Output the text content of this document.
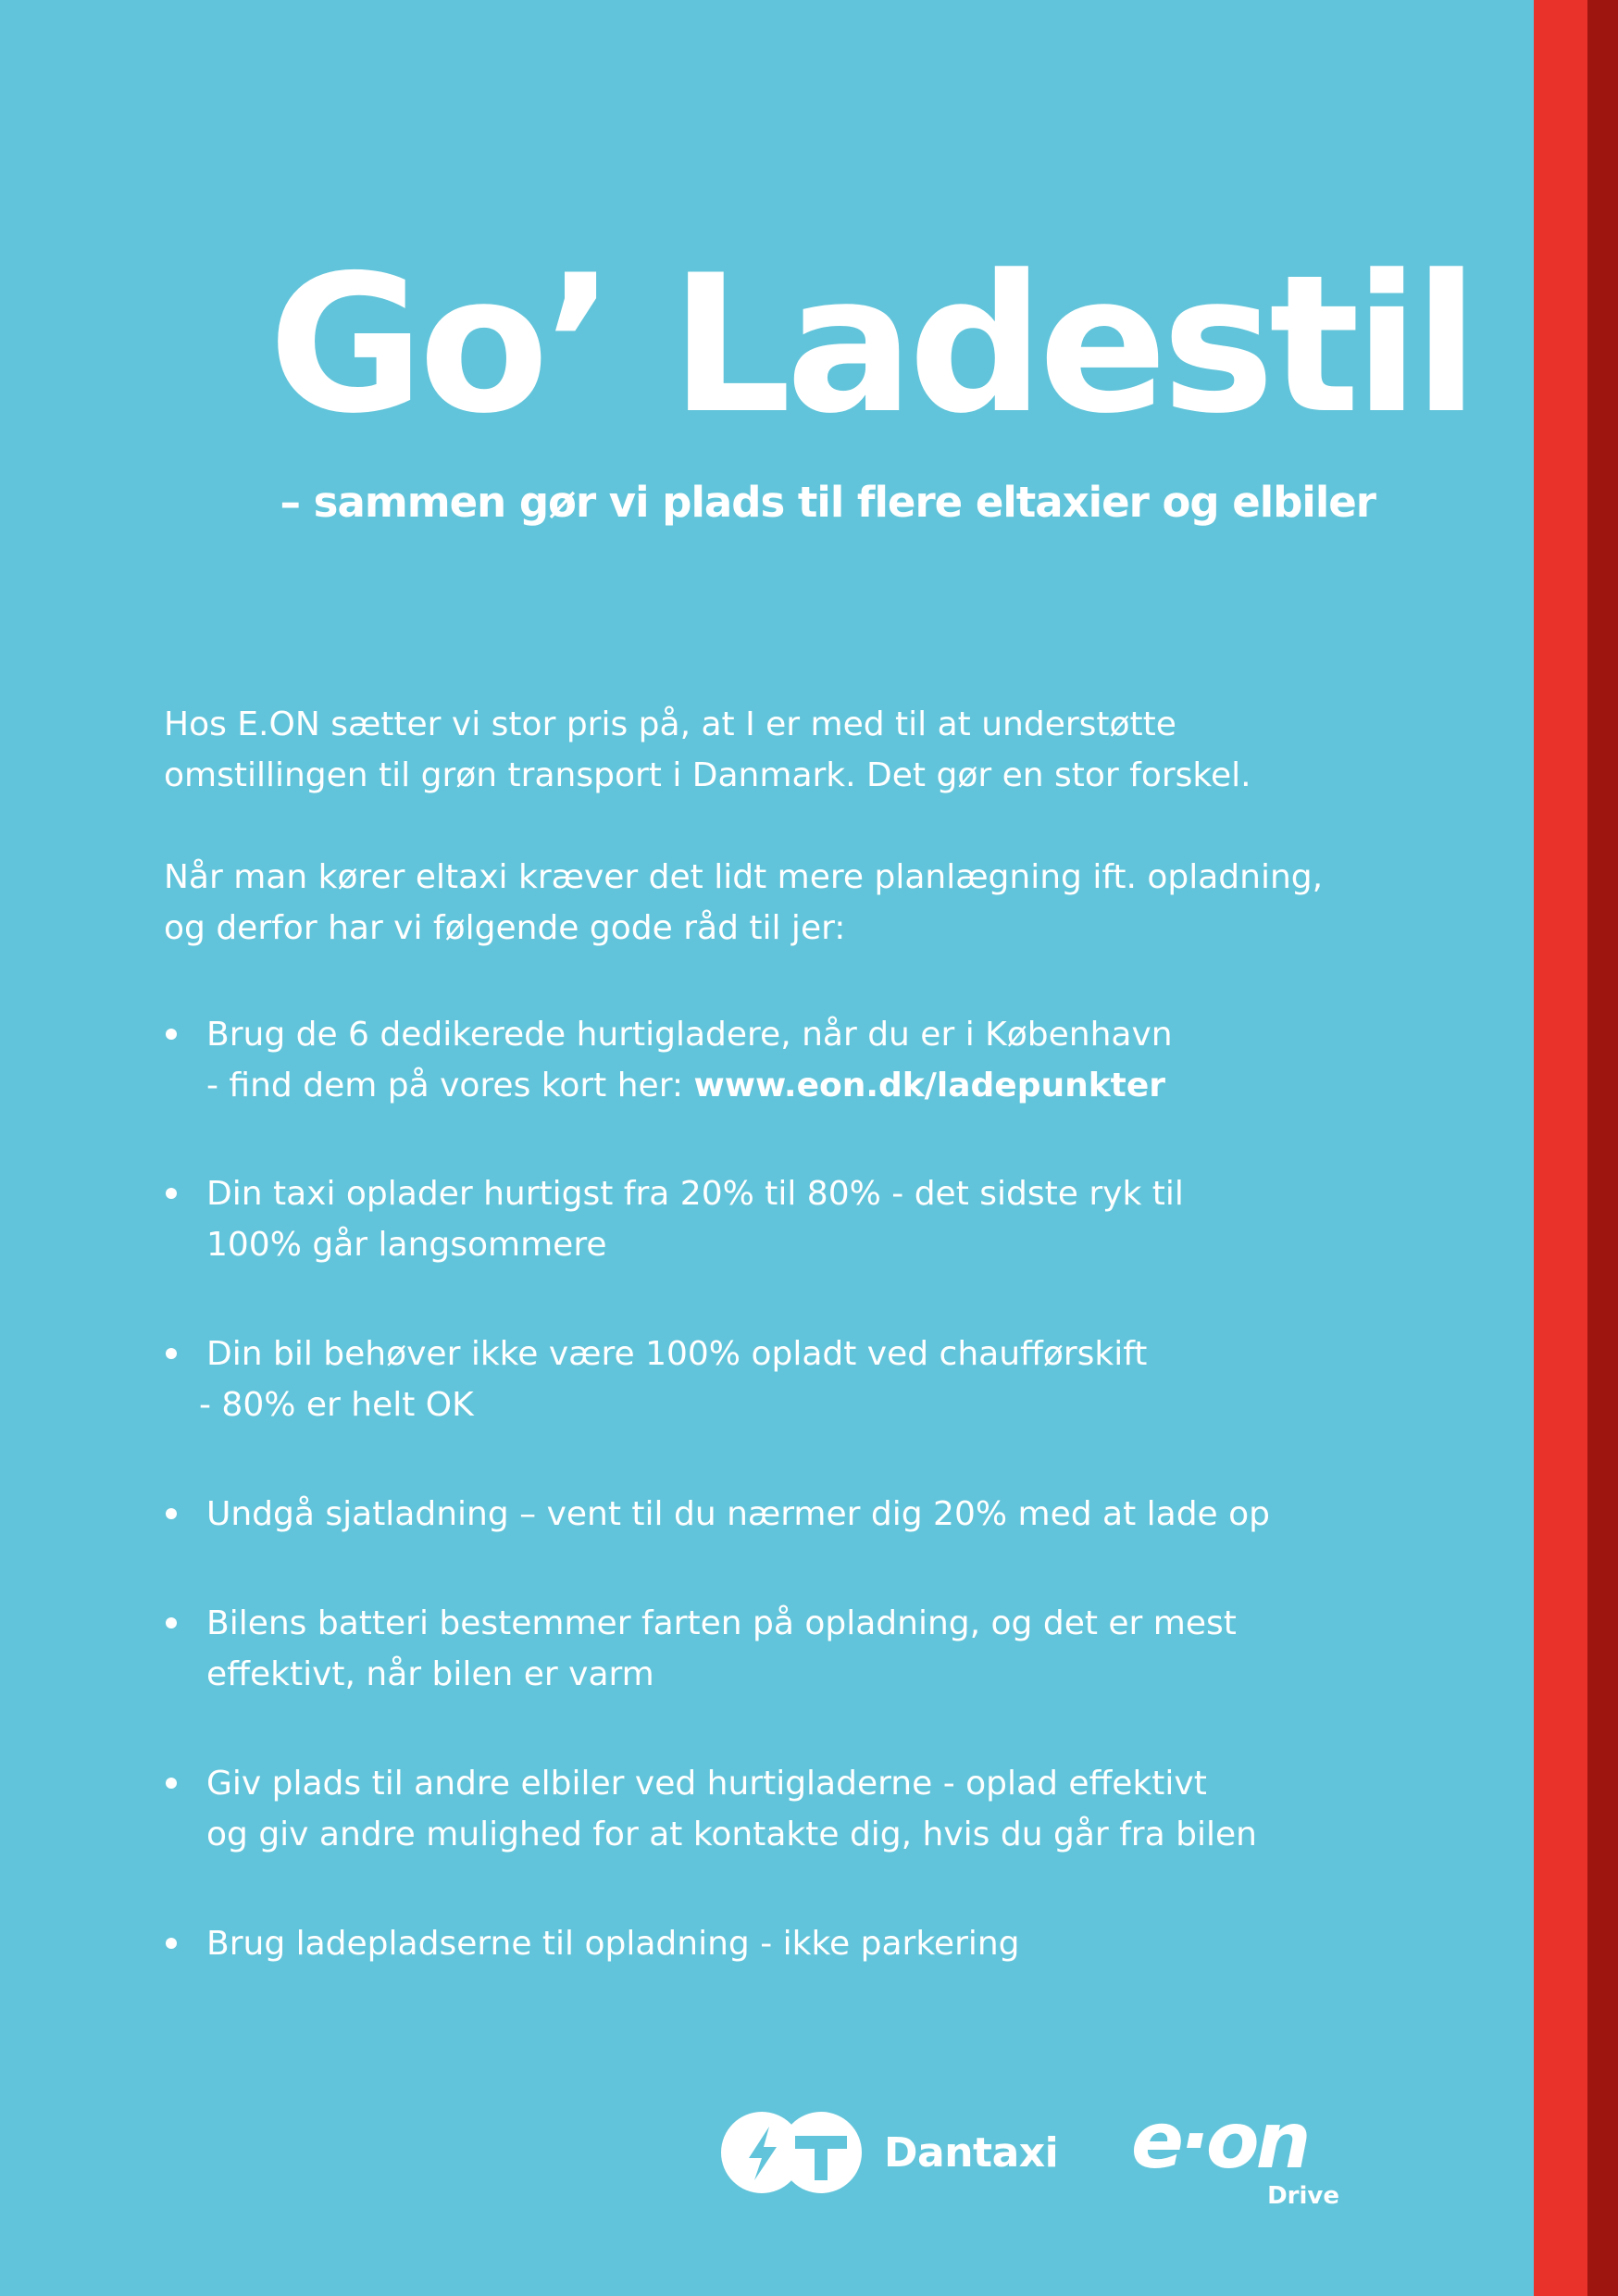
Go’ Ladestil
– sammen gør vi plads til flere eltaxier og elbiler

Hos E.ON sætter vi stor pris på, at I er med til at understøtte
omstillingen til grøn transport i Danmark. Det gør en stor forskel.

Når man kører eltaxi kræver det lidt mere planlægning ift. opladning,
og derfor har vi følgende gode råd til jer:

Brug de 6 dedikerede hurtigladere, når du er i København
- find dem på vores kort her: www.eon.dk/ladepunkter
Din taxi oplader hurtigst fra 20% til 80% - det sidste ryk til
100% går langsommere
Din bil behøver ikke være 100% opladt ved chaufførskift
- 80% er helt OK
Undgå sjatladning – vent til du nærmer dig 20% med at lade op
Bilens batteri bestemmer farten på opladning, og det er mest
effektivt, når bilen er varm
Giv plads til andre elbiler ved hurtigladerne - oplad effektivt
og giv andre mulighed for at kontakte dig, hvis du går fra bilen
Brug ladepladserne til opladning - ikke parkering
Dantaxi e·on
Drive
